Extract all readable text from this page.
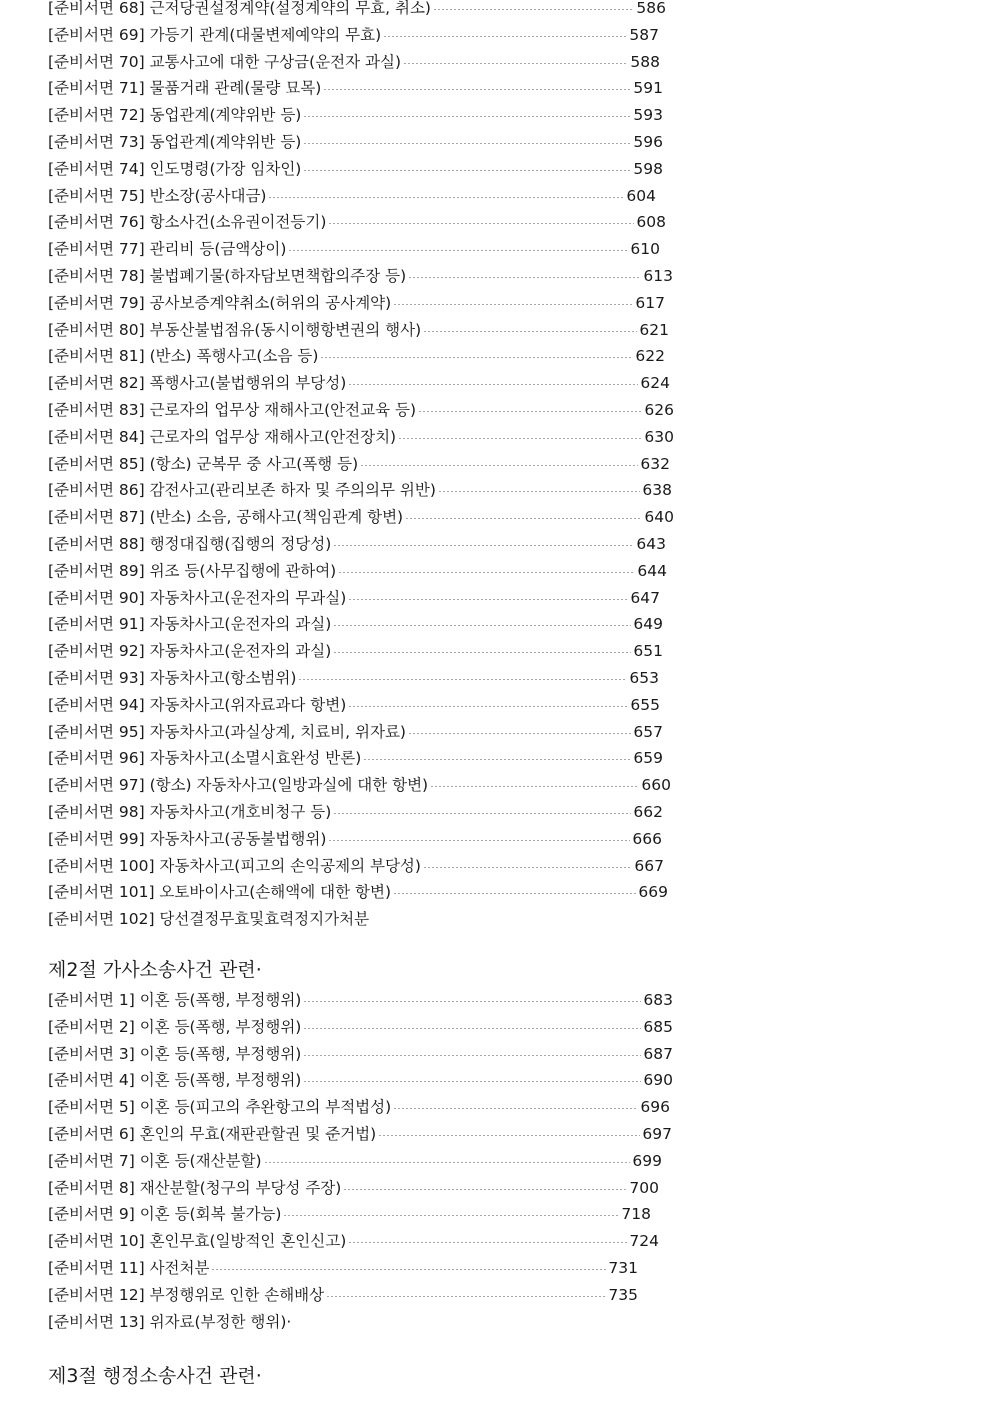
[준비서면 68] 근저당권설정계약(설정계약의 무효, 취소)	586
[준비서면 69] 가등기 관계(대물변제예약의 무효)	587
[준비서면 70] 교통사고에 대한 구상금(운전자 과실)	588
[준비서면 71] 물품거래 관례(물량 묘목)	591
[준비서면 72] 동업관계(계약위반 등)	593
[준비서면 73] 동업관계(계약위반 등)	596
[준비서면 74] 인도명령(가장 임차인)	598
[준비서면 75] 반소장(공사대금)	604
[준비서면 76] 항소사건(소유권이전등기)	608
[준비서면 77] 관리비 등(금액상이)	610
[준비서면 78] 불법폐기물(하자담보면책합의주장 등)	613
[준비서면 79] 공사보증계약취소(허위의 공사계약)	617
[준비서면 80] 부동산불법점유(동시이행항변권의 행사)	621
[준비서면 81] (반소) 폭행사고(소음 등)	622
[준비서면 82] 폭행사고(불법행위의 부당성)	624
[준비서면 83] 근로자의 업무상 재해사고(안전교육 등)	626
[준비서면 84] 근로자의 업무상 재해사고(안전장치)	630
[준비서면 85] (항소) 군복무 중 사고(폭행 등)	632
[준비서면 86] 감전사고(관리보존 하자 및 주의의무 위반)	638
[준비서면 87] (반소) 소음, 공해사고(책임관계 항변)	640
[준비서면 88] 행정대집행(집행의 정당성)	643
[준비서면 89] 위조 등(사무집행에 관하여)	644
[준비서면 90] 자동차사고(운전자의 무과실)	647
[준비서면 91] 자동차사고(운전자의 과실)	649
[준비서면 92] 자동차사고(운전자의 과실)	651
[준비서면 93] 자동차사고(항소범위)	653
[준비서면 94] 자동차사고(위자료과다 항변)	655
[준비서면 95] 자동차사고(과실상계, 치료비, 위자료)	657
[준비서면 96] 자동차사고(소멸시효완성 반론)	659
[준비서면 97] (항소) 자동차사고(일방과실에 대한 항변)	660
[준비서면 98] 자동차사고(개호비청구 등)	662
[준비서면 99] 자동차사고(공동불법행위)	666
[준비서면 100] 자동차사고(피고의 손익공제의 부당성)	667
[준비서면 101] 오토바이사고(손해액에 대한 항변)	669
[준비서면 102] 당선결정무효및효력정지가처분
제2절 가사소송사건 관련·
[준비서면 1] 이혼 등(폭행, 부정행위)	683
[준비서면 2] 이혼 등(폭행, 부정행위)	685
[준비서면 3] 이혼 등(폭행, 부정행위)	687
[준비서면 4] 이혼 등(폭행, 부정행위)	690
[준비서면 5] 이혼 등(피고의 추완항고의 부적법성)	696
[준비서면 6] 혼인의 무효(재판관할권 및 준거법)	697
[준비서면 7] 이혼 등(재산분할)	699
[준비서면 8] 재산분할(청구의 부당성 주장)	700
[준비서면 9] 이혼 등(회복 불가능)	718
[준비서면 10] 혼인무효(일방적인 혼인신고)	724
[준비서면 11] 사전처분	731
[준비서면 12] 부정행위로 인한 손해배상	735
[준비서면 13] 위자료(부정한 행위)·
제3절 행정소송사건 관련·
